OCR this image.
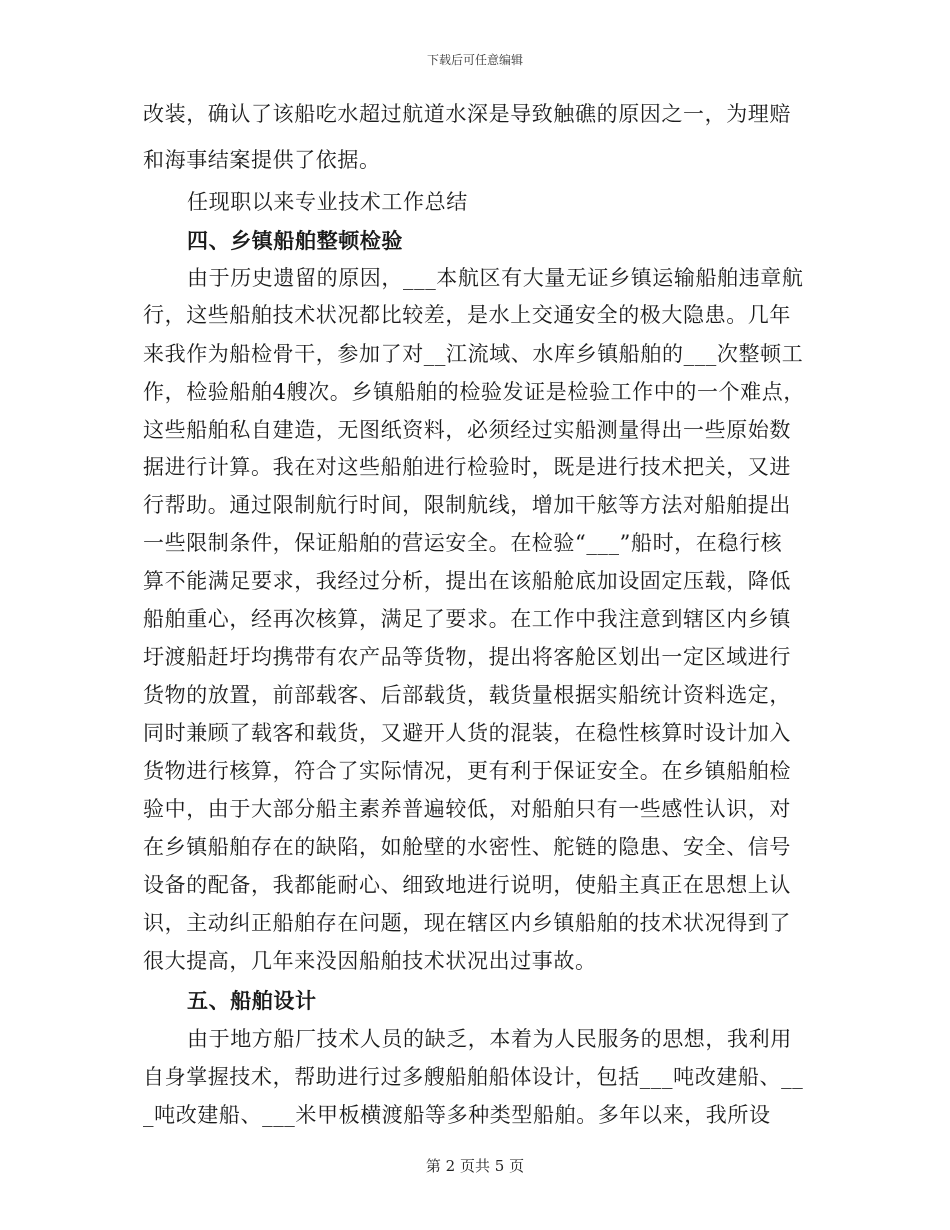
下载后可任意编辑
改装，确认了该船吃水超过航道水深是导致触礁的原因之一，为理赔
和海事结案提供了依据。
任现职以来专业技术工作总结
四、乡镇船舶整顿检验
由于历史遗留的原因，___本航区有大量无证乡镇运输船舶违章航
行，这些船舶技术状况都比较差，是水上交通安全的极大隐患。几年
来我作为船检骨干，参加了对__江流域、水库乡镇船舶的___次整顿工
作，检验船舶4艘次。乡镇船舶的检验发证是检验工作中的一个难点，
这些船舶私自建造，无图纸资料，必须经过实船测量得出一些原始数
据进行计算。我在对这些船舶进行检验时，既是进行技术把关，又进
行帮助。通过限制航行时间，限制航线，增加干舷等方法对船舶提出
一些限制条件，保证船舶的营运安全。在检验“___”船时，在稳行核
算不能满足要求，我经过分析，提出在该船舱底加设固定压载，降低
船舶重心，经再次核算，满足了要求。在工作中我注意到辖区内乡镇
圩渡船赶圩均携带有农产品等货物，提出将客舱区划出一定区域进行
货物的放置，前部载客、后部载货，载货量根据实船统计资料选定，
同时兼顾了载客和载货，又避开人货的混装，在稳性核算时设计加入
货物进行核算，符合了实际情况，更有利于保证安全。在乡镇船舶检
验中，由于大部分船主素养普遍较低，对船舶只有一些感性认识，对
在乡镇船舶存在的缺陷，如舱壁的水密性、舵链的隐患、安全、信号
设备的配备，我都能耐心、细致地进行说明，使船主真正在思想上认
识，主动纠正船舶存在问题，现在辖区内乡镇船舶的技术状况得到了
很大提高，几年来没因船舶技术状况出过事故。
五、船舶设计
由于地方船厂技术人员的缺乏，本着为人民服务的思想，我利用
自身掌握技术，帮助进行过多艘船舶船体设计，包括___吨改建船、__
_吨改建船、___米甲板横渡船等多种类型船舶。多年以来，我所设
第 2 页共 5 页
